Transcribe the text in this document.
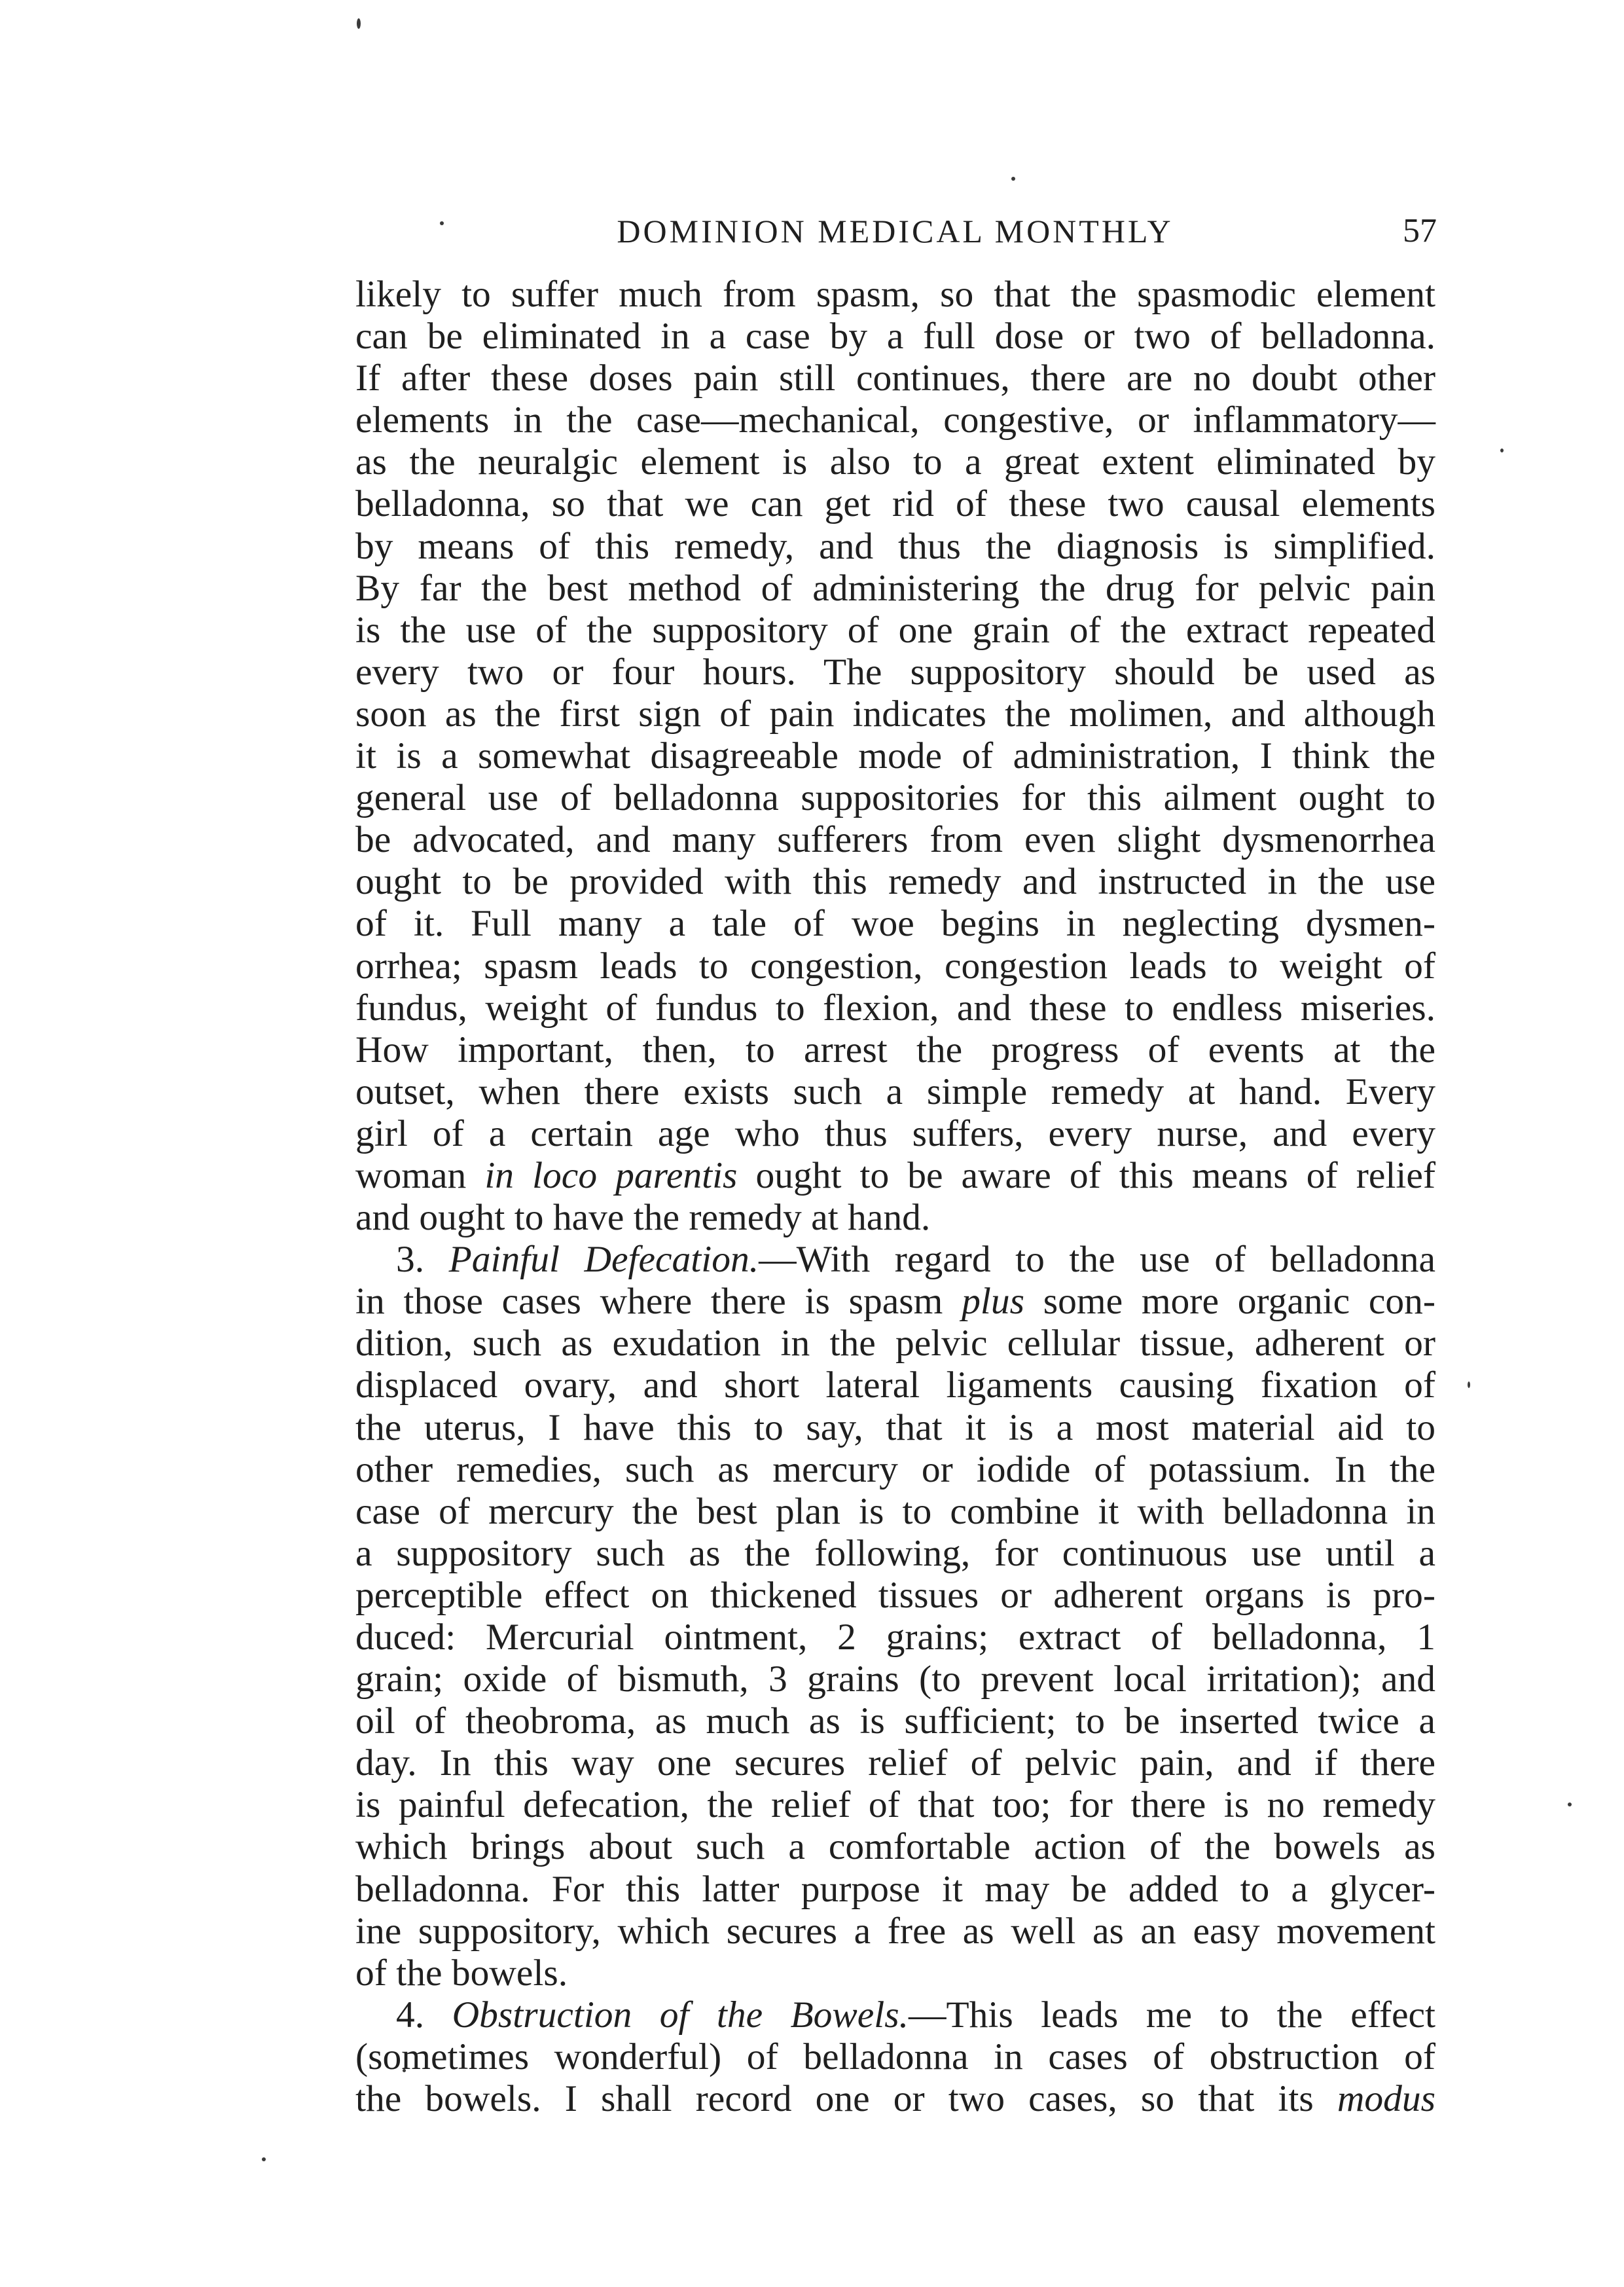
DOMINION MEDICAL MONTHLY	57
likely to suffer much from spasm, so that the spasmodic element
can be eliminated in a case by a full dose or two of belladonna.
If after these doses pain still continues, there are no doubt other
elements in the case—mechanical, congestive, or inflammatory—
as the neuralgic element is also to a great extent eliminated by
belladonna, so that we can get rid of these two causal elements
by means of this remedy, and thus the diagnosis is simplified.
By far the best method of administering the drug for pelvic pain
is the use of the suppository of one grain of the extract repeated
every two or four hours. The suppository should be used as
soon as the first sign of pain indicates the molimen, and although
it is a somewhat disagreeable mode of administration, I think the
general use of belladonna suppositories for this ailment ought to
be advocated, and many sufferers from even slight dysmenorrhea
ought to be provided with this remedy and instructed in the use
of it. Full many a tale of woe begins in neglecting dysmen-
orrhea; spasm leads to congestion, congestion leads to weight of
fundus, weight of fundus to flexion, and these to endless miseries.
How important, then, to arrest the progress of events at the
outset, when there exists such a simple remedy at hand. Every
girl of a certain age who thus suffers, every nurse, and every
woman in loco parentis ought to be aware of this means of relief
and ought to have the remedy at hand.
3. Painful Defecation.—With regard to the use of belladonna
in those cases where there is spasm plus some more organic con-
dition, such as exudation in the pelvic cellular tissue, adherent or
displaced ovary, and short lateral ligaments causing fixation of
the uterus, I have this to say, that it is a most material aid to
other remedies, such as mercury or iodide of potassium. In the
case of mercury the best plan is to combine it with belladonna in
a suppository such as the following, for continuous use until a
perceptible effect on thickened tissues or adherent organs is pro-
duced: Mercurial ointment, 2 grains; extract of belladonna, 1
grain; oxide of bismuth, 3 grains (to prevent local irritation); and
oil of theobroma, as much as is sufficient; to be inserted twice a
day. In this way one secures relief of pelvic pain, and if there
is painful defecation, the relief of that too; for there is no remedy
which brings about such a comfortable action of the bowels as
belladonna. For this latter purpose it may be added to a glycer-
ine suppository, which secures a free as well as an easy movement
of the bowels.
4. Obstruction of the Bowels.—This leads me to the effect
(sometimes wonderful) of belladonna in cases of obstruction of
the bowels. I shall record one or two cases, so that its modus
